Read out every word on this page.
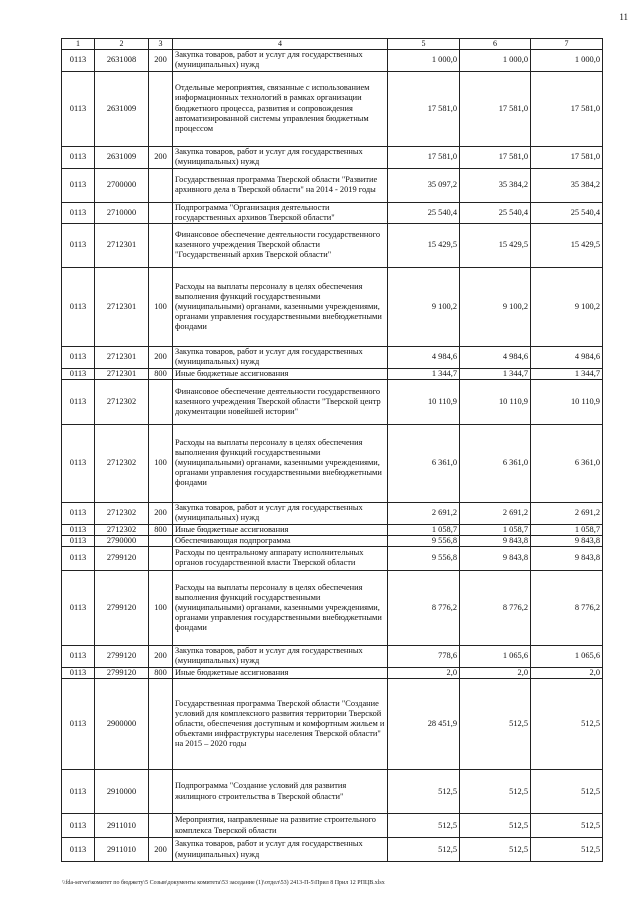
11
1	2	3	4	5	6	7
0113	2631008	200	Закупка товаров, работ и услуг для государственных (муниципальных) нужд	1 000,0	1 000,0	1 000,0
0113	2631009		Отдельные мероприятия, связанные с использованием информационных технологий в рамках организации бюджетного процесса, развития и сопровождения автоматизированной системы управления бюджетным процессом	17 581,0	17 581,0	17 581,0
0113	2631009	200	Закупка товаров, работ и услуг для государственных (муниципальных) нужд	17 581,0	17 581,0	17 581,0
0113	2700000		Государственная программа Тверской области "Развитие архивного дела в Тверской области" на 2014 - 2019 годы	35 097,2	35 384,2	35 384,2
0113	2710000		Подпрограмма "Организация деятельности государственных архивов Тверской области"	25 540,4	25 540,4	25 540,4
0113	2712301		Финансовое обеспечение деятельности государственного казенного учреждения Тверской области "Государственный архив Тверской области"	15 429,5	15 429,5	15 429,5
0113	2712301	100	Расходы на выплаты персоналу в целях обеспечения выполнения функций государственными (муниципальными) органами, казенными учреждениями, органами управления государственными внебюджетными фондами	9 100,2	9 100,2	9 100,2
0113	2712301	200	Закупка товаров, работ и услуг для государственных (муниципальных) нужд	4 984,6	4 984,6	4 984,6
0113	2712301	800	Иные бюджетные ассигнования	1 344,7	1 344,7	1 344,7
0113	2712302		Финансовое обеспечение деятельности государственного казенного учреждения Тверской области "Тверской центр документации новейшей истории"	10 110,9	10 110,9	10 110,9
0113	2712302	100	Расходы на выплаты персоналу в целях обеспечения выполнения функций государственными (муниципальными) органами, казенными учреждениями, органами управления государственными внебюджетными фондами	6 361,0	6 361,0	6 361,0
0113	2712302	200	Закупка товаров, работ и услуг для государственных (муниципальных) нужд	2 691,2	2 691,2	2 691,2
0113	2712302	800	Иные бюджетные ассигнования	1 058,7	1 058,7	1 058,7
0113	2790000		Обеспечивающая подпрограмма	9 556,8	9 843,8	9 843,8
0113	2799120		Расходы по центральному аппарату исполнительных органов государственной власти Тверской области	9 556,8	9 843,8	9 843,8
0113	2799120	100	Расходы на выплаты персоналу в целях обеспечения выполнения функций государственными (муниципальными) органами, казенными учреждениями, органами управления государственными внебюджетными фондами	8 776,2	8 776,2	8 776,2
0113	2799120	200	Закупка товаров, работ и услуг для государственных (муниципальных) нужд	778,6	1 065,6	1 065,6
0113	2799120	800	Иные бюджетные ассигнования	2,0	2,0	2,0
0113	2900000		Государственная программа Тверской области "Создание условий для комплексного развития территории Тверской области, обеспечения доступным и комфортным жильем и объектами инфраструктуры населения Тверской области" на 2015 – 2020 годы	28 451,9	512,5	512,5
0113	2910000		Подпрограмма "Создание условий для развития жилищного строительства в Тверской области"	512,5	512,5	512,5
0113	2911010		Мероприятия, направленные на развитие строительного комплекса Тверской области	512,5	512,5	512,5
0113	2911010	200	Закупка товаров, работ и услуг для государственных (муниципальных) нужд	512,5	512,5	512,5
\\fda-server\комитет по бюджету\5 Созыв\документы комитета\53 заседание (1)\отдел\53) 2413-П-5\Прил 8 Прил 12 РПЦВ.xlsx
